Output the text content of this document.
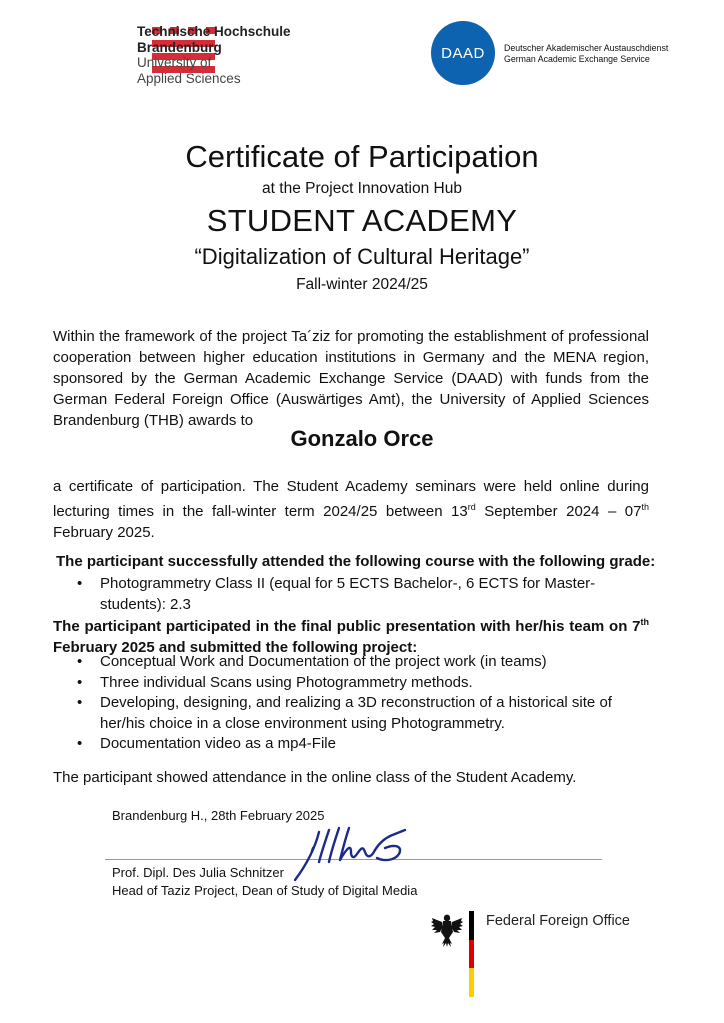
Technische Hochschule
Brandenburg
University of
Applied Sciences
DAAD	Deutscher Akademischer Austauschdienst
German Academic Exchange Service
Certificate of Participation
at the Project Innovation Hub
STUDENT ACADEMY
“Digitalization of Cultural Heritage”
Fall-winter 2024/25
Within the framework of the project Ta´ziz for promoting the establishment of professional cooperation between higher education institutions in Germany and the MENA region, sponsored by the German Academic Exchange Service (DAAD) with funds from the German Federal Foreign Office (Auswärtiges Amt), the University of Applied Sciences Brandenburg (THB) awards to
Gonzalo Orce
a certificate of participation. The Student Academy seminars were held online during lecturing times in the fall-winter term 2024/25 between 13rd September 2024 – 07th February 2025.
The participant successfully attended the following course with the following grade:
• Photogrammetry Class II (equal for 5 ECTS Bachelor-, 6 ECTS for Master-students): 2.3
The participant participated in the final public presentation with her/his team on 7th February 2025 and submitted the following project:
• Conceptual Work and Documentation of the project work (in teams)
• Three individual Scans using Photogrammetry methods.
• Developing, designing, and realizing a 3D reconstruction of a historical site of her/his choice in a close environment using Photogrammetry.
• Documentation video as a mp4-File
The participant showed attendance in the online class of the Student Academy.
Brandenburg H., 28th February 2025
Prof. Dipl. Des Julia Schnitzer
Head of Taziz Project, Dean of Study of Digital Media
Federal Foreign Office
